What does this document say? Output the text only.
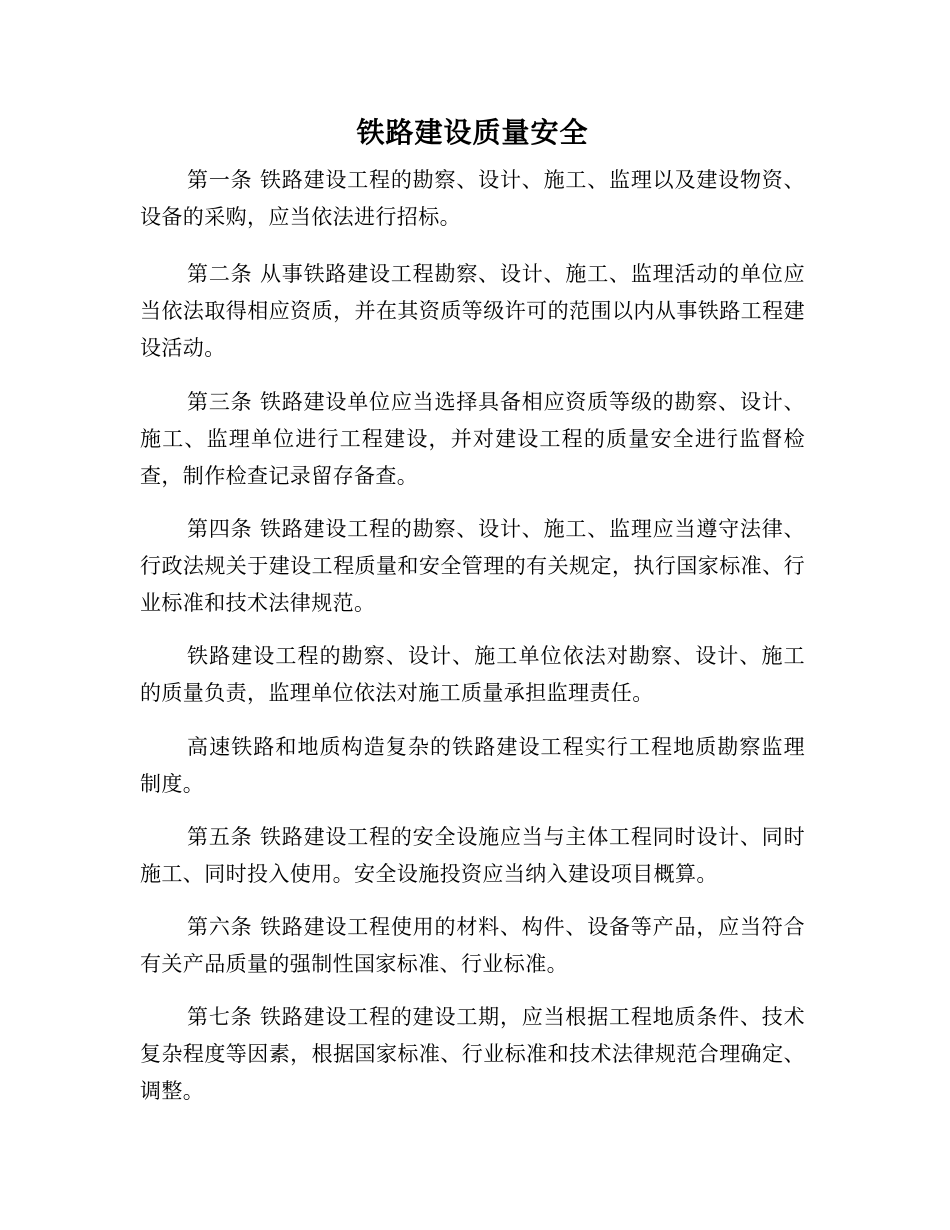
铁路建设质量安全

第一条 铁路建设工程的勘察、设计、施工、监理以及建设物资、设备的采购，应当依法进行招标。

第二条 从事铁路建设工程勘察、设计、施工、监理活动的单位应当依法取得相应资质，并在其资质等级许可的范围以内从事铁路工程建设活动。

第三条 铁路建设单位应当选择具备相应资质等级的勘察、设计、施工、监理单位进行工程建设，并对建设工程的质量安全进行监督检查，制作检查记录留存备查。

第四条 铁路建设工程的勘察、设计、施工、监理应当遵守法律、行政法规关于建设工程质量和安全管理的有关规定，执行国家标准、行业标准和技术法律规范。

铁路建设工程的勘察、设计、施工单位依法对勘察、设计、施工的质量负责，监理单位依法对施工质量承担监理责任。

高速铁路和地质构造复杂的铁路建设工程实行工程地质勘察监理制度。

第五条 铁路建设工程的安全设施应当与主体工程同时设计、同时施工、同时投入使用。安全设施投资应当纳入建设项目概算。

第六条 铁路建设工程使用的材料、构件、设备等产品，应当符合有关产品质量的强制性国家标准、行业标准。

第七条 铁路建设工程的建设工期，应当根据工程地质条件、技术复杂程度等因素，根据国家标准、行业标准和技术法律规范合理确定、调整。
